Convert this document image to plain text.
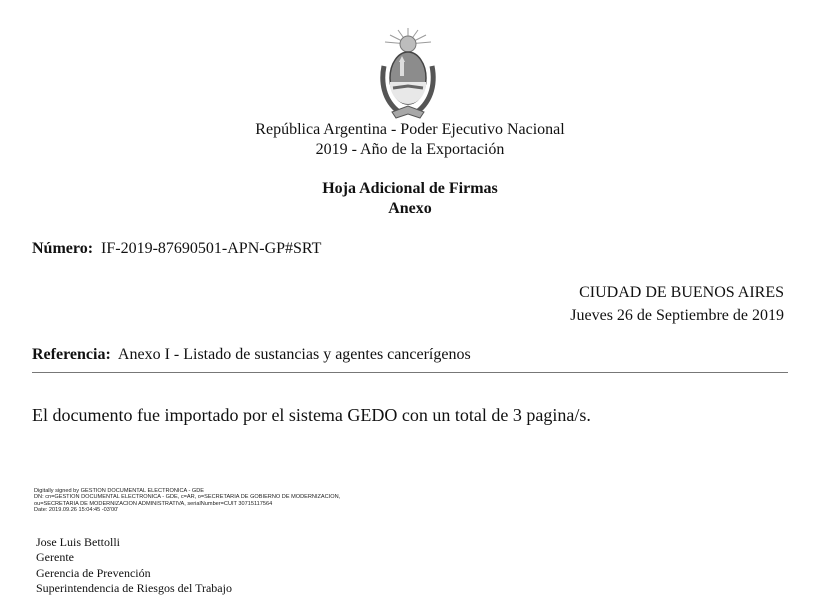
República Argentina - Poder Ejecutivo Nacional
2019 - Año de la Exportación
Hoja Adicional de Firmas
Anexo
Número: IF-2019-87690501-APN-GP#SRT
CIUDAD DE BUENOS AIRES
Jueves 26 de Septiembre de 2019
Referencia: Anexo I - Listado de sustancias y agentes cancerígenos
El documento fue importado por el sistema GEDO con un total de 3 pagina/s.
Digitally signed by GESTION DOCUMENTAL ELECTRONICA - GDE
DN: cn=GESTION DOCUMENTAL ELECTRONICA - GDE, c=AR, o=SECRETARIA DE GOBIERNO DE MODERNIZACION,
ou=SECRETARIA DE MODERNIZACION ADMINISTRATIVA, serialNumber=CUIT 30715117564
Date: 2019.09.26 15:04:45 -03'00'
Jose Luis Bettolli
Gerente
Gerencia de Prevención
Superintendencia de Riesgos del Trabajo
